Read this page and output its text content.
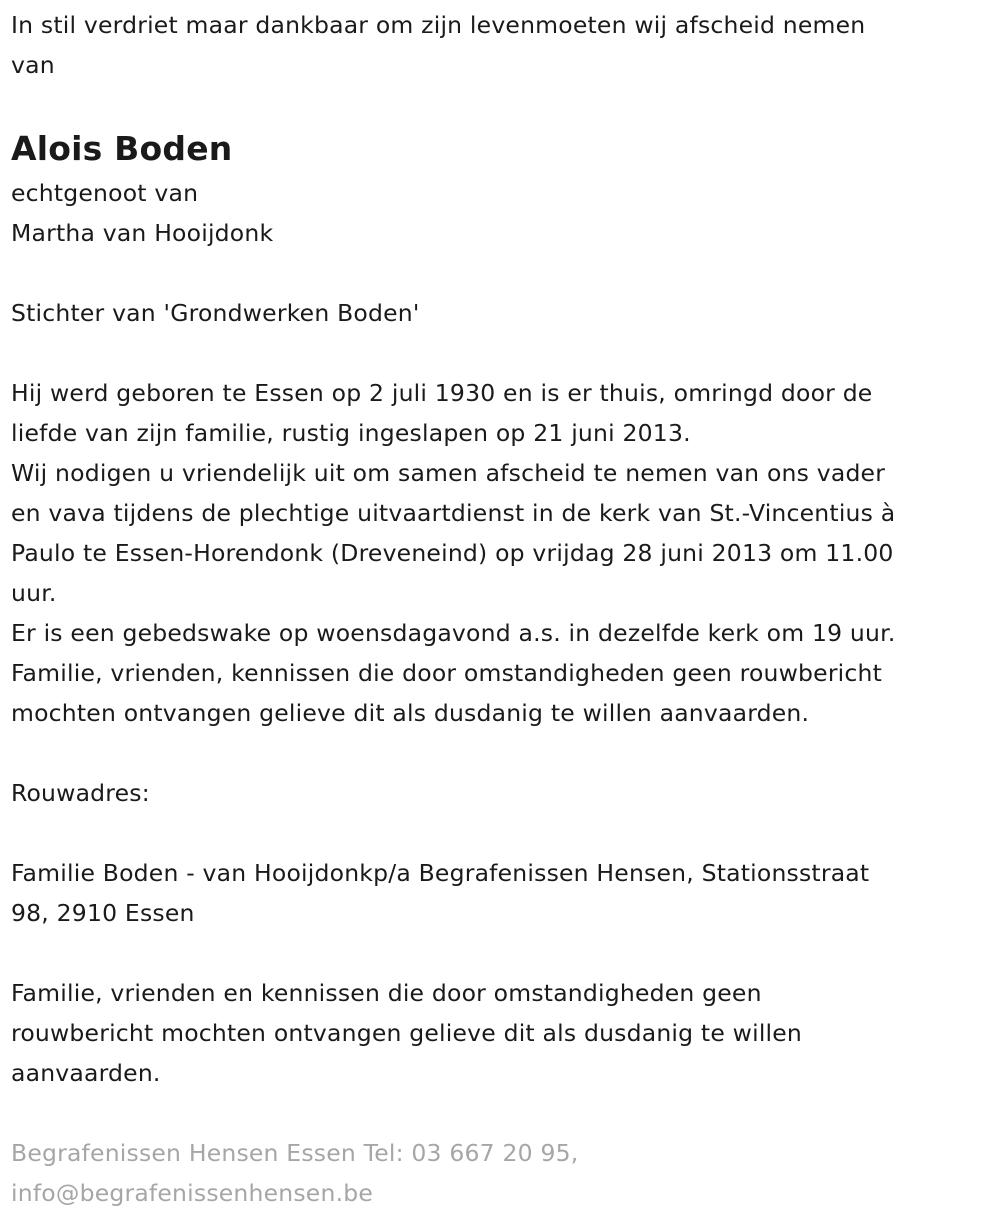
In stil verdriet maar dankbaar om zijn levenmoeten wij afscheid nemen
van
Alois Boden
echtgenoot van
Martha van Hooijdonk
Stichter van 'Grondwerken Boden'
Hij werd geboren te Essen op 2 juli 1930 en is er thuis, omringd door de
liefde van zijn familie, rustig ingeslapen op 21 juni 2013.
Wij nodigen u vriendelijk uit om samen afscheid te nemen van ons vader
en vava tijdens de plechtige uitvaartdienst in de kerk van St.-Vincentius à
Paulo te Essen-Horendonk (Dreveneind) op vrijdag 28 juni 2013 om 11.00
uur.
Er is een gebedswake op woensdagavond a.s. in dezelfde kerk om 19 uur.
Familie, vrienden, kennissen die door omstandigheden geen rouwbericht
mochten ontvangen gelieve dit als dusdanig te willen aanvaarden.
Rouwadres:
Familie Boden - van Hooijdonkp/a Begrafenissen Hensen, Stationsstraat
98, 2910 Essen
Familie, vrienden en kennissen die door omstandigheden geen
rouwbericht mochten ontvangen gelieve dit als dusdanig te willen
aanvaarden.
Begrafenissen Hensen Essen Tel: 03 667 20 95,
info@begrafenissenhensen.be
